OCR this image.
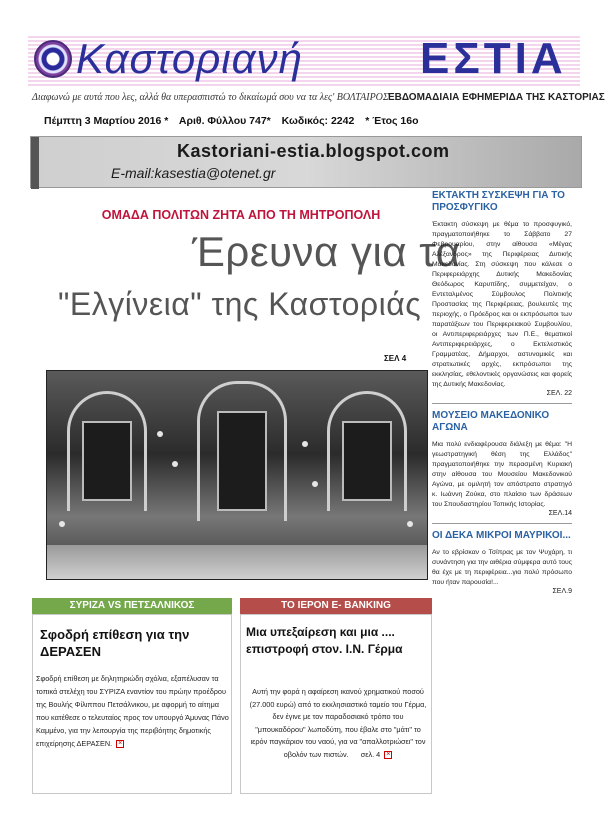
Καστοριανή	ΕΣΤΙΑ
Διαφωνώ με αυτά που λες, αλλά θα υπερασπιστώ το δικαίωμά σου να τα λες' ΒΟΛΤΑΙΡΟΣ ΕΒΔΟΜΑΔΙΑΙΑ ΕΦΗΜΕΡΙΔΑ ΤΗΣ ΚΑΣΤΟΡΙΑΣ
Πέμπτη 3 Μαρτίου 2016 * Αριθ. Φύλλου 747* Κωδικός: 2242 * Έτος 16ο
Kastoriani-estia.blogspot.com
E-mail:kasestia@otenet.gr
ΟΜΑΔΑ ΠΟΛΙΤΩΝ ΖΗΤΑ ΑΠΟ ΤΗ ΜΗΤΡΟΠΟΛΗ
Έρευνα για τα
"Ελγίνεια" της Καστοριάς
ΣΕΛ 4
ΕΚΤΑΚΤΗ ΣΥΣΚΕΨΗ ΓΙΑ ΤΟ ΠΡΟΣΦΥΓΙΚΟ
Έκτακτη σύσκεψη με θέμα το προσφυγικό, πραγματοποιήθηκε το Σάββατο 27 Φεβρουαρίου, στην αίθουσα «Μέγας Αλέξανδρος» της Περιφέρειας Δυτικής Μακεδονίας. Στη σύσκεψη που κάλεσε ο Περιφερειάρχης Δυτικής Μακεδονίας Θεόδωρος Καρυπίδης, συμμετείχαν, ο Εντεταλμένος Σύμβουλος Πολιτικής Προστασίας της Περιφέρειας, βουλευτές της περιοχής, ο Πρόεδρος και οι εκπρόσωποι των παρατάξεων του Περιφερειακού Συμβουλίου, οι Αντιπεριφερειάρχες των Π.Ε., θεματικοί Αντιπεριφερειάρχες, ο Εκτελεστικός Γραμματέας, Δήμαρχοι, αστυνομικές και στρατιωτικές αρχές, εκπρόσωποι της εκκλησίας, εθελοντικές οργανώσεις και φορείς της Δυτικής Μακεδονίας.
ΣΕΛ. 22
ΜΟΥΣΕΙΟ ΜΑΚΕΔΟΝΙΚΟ ΑΓΩΝΑ
Μια πολύ ενδιαφέρουσα διάλεξη με θέμα: "Η γεωστρατηγική θέση της Ελλάδος" πραγματοποιήθηκε την περασμένη Κυριακή στην αίθουσα του Μουσείου Μακεδονικού Αγώνα, με ομιλητή τον απόστρατο στρατηγό κ. Ιωάννη Ζούκα, στο πλαίσιο των δράσεων του Σπουδαστηρίου Τοπικής Ιστορίας.
ΣΕΛ.14
ΟΙ ΔΕΚΑ ΜΙΚΡΟΙ ΜΑΥΡΙΚΟΙ...
Αν το εβρίσκαν ο Τσίπρας με τον Ψυχάρη, τι συνάντηση για την αιθέρια σύμφερα αυτό τους θα έχε με τη περιφέρεια...για πολύ πρόσωπο που ήταν παρουσία!...
ΣΕΛ.9
ΣΥΡΙΖΑ VS ΠΕΤΣΑΛΝΙΚΟΣ
Σφοδρή επίθεση για την ΔΕΡΑΣΕΝ
Σφοδρή επίθεση με δηλητηριώδη σχόλια, εξαπέλυσαν τα τοπικά στελέχη του ΣΥΡΙΖΑ εναντίον του πρώην προέδρου της Βουλής Φίλιππου Πετσάλνικου, με αφορμή το αίτημα που κατέθεσε ο τελευταίος προς τον υπουργό Άμυνας Πάνο Καμμένο, για την λειτουργία της περιβόητης δημοτικής επιχείρησης ΔΕΡΑΣΕΝ. ×
ΤΟ ΙΕΡΟΝ E- BANKING
Μια υπεξαίρεση και μια .... επιστροφή στον. Ι.Ν. Γέρμα
Αυτή την φορά η αφαίρεση ικανού χρηματικού ποσού (27.000 ευρώ) από το εκκλησιαστικό ταμείο του Γέρμα, δεν έγινε με τον παραδοσιακό τρόπο του "μπουκαδόρου" λωποδύτη, που έβαλε στο "μάτι" το ιερόν παγκάριον του ναού, για να "απαλλοτριώσει" τον οβολόν των πιστών. σελ. 4 ×
